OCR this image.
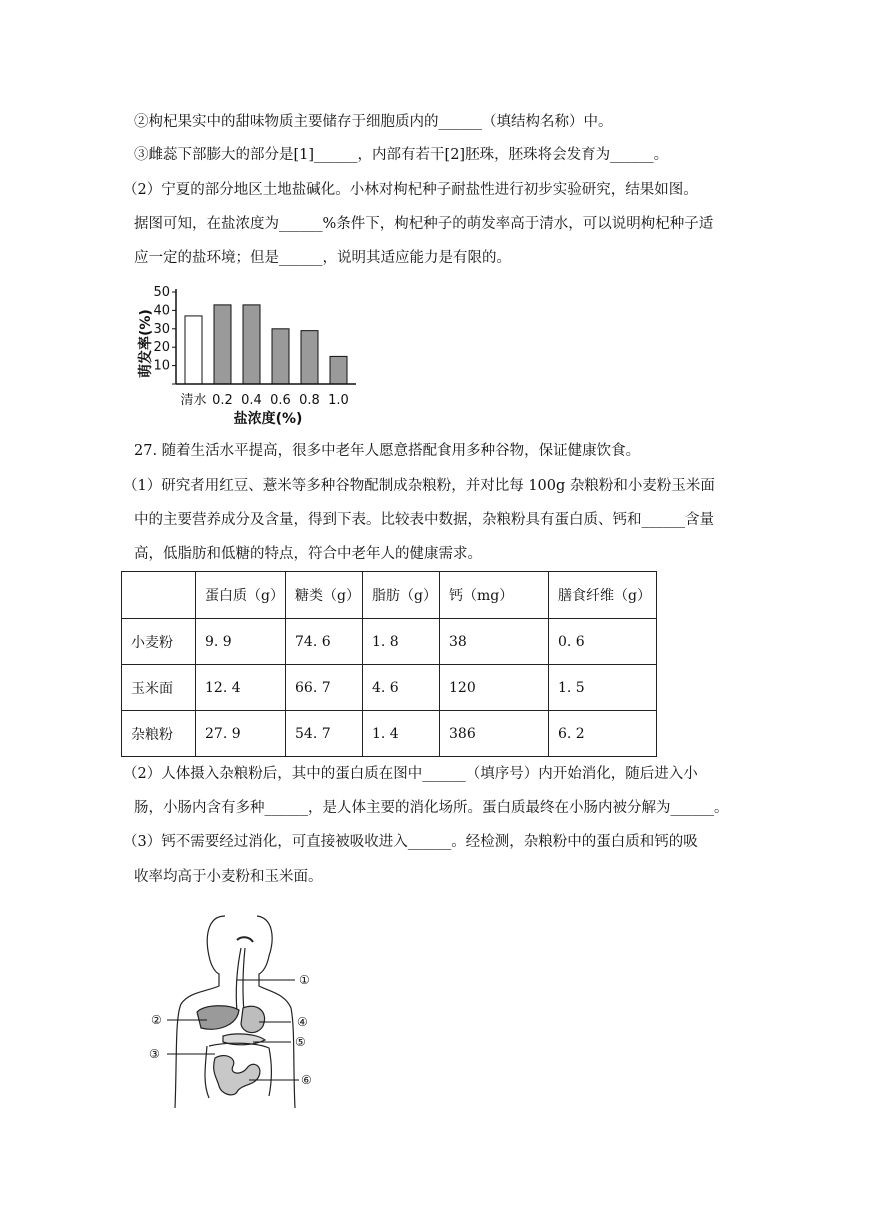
②枸杞果实中的甜味物质主要储存于细胞质内的______（填结构名称）中。
③雌蕊下部膨大的部分是[1]______，内部有若干[2]胚珠，胚珠将会发育为______。
（2）宁夏的部分地区土地盐碱化。小林对枸杞种子耐盐性进行初步实验研究，结果如图。
据图可知，在盐浓度为______%条件下，枸杞种子的萌发率高于清水，可以说明枸杞种子适
应一定的盐环境；但是______，说明其适应能力是有限的。
10
20
30
40
50
清水 0.2 0.4 0.6 0.8 1.0
萌发率(%)
盐浓度(%)
27. 随着生活水平提高，很多中老年人愿意搭配食用多种谷物，保证健康饮食。
（1）研究者用红豆、薏米等多种谷物配制成杂粮粉，并对比每 100g 杂粮粉和小麦粉玉米面
中的主要营养成分及含量，得到下表。比较表中数据，杂粮粉具有蛋白质、钙和______含量
高，低脂肪和低糖的特点，符合中老年人的健康需求。
	蛋白质（g）	糖类（g）	脂肪（g）	钙（mg）	膳食纤维（g）
小麦粉	9. 9	74. 6	1. 8	38	0. 6
玉米面	12. 4	66. 7	4. 6	120	1. 5
杂粮粉	27. 9	54. 7	1. 4	386	6. 2
（2）人体摄入杂粮粉后，其中的蛋白质在图中______（填序号）内开始消化，随后进入小
肠，小肠内含有多种______，是人体主要的消化场所。蛋白质最终在小肠内被分解为______。
（3）钙不需要经过消化，可直接被吸收进入______。经检测，杂粮粉中的蛋白质和钙的吸
收率均高于小麦粉和玉米面。
①
②
③
④
⑤
⑥
